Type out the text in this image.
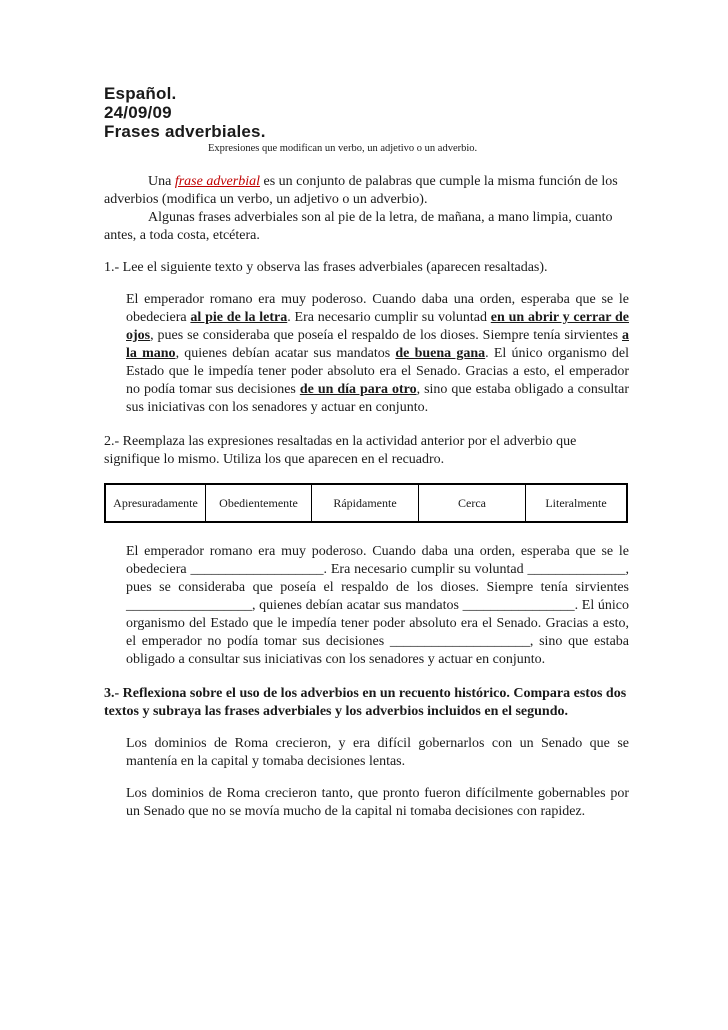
Español.
24/09/09
Frases adverbiales.
Expresiones que modifican un verbo, un adjetivo o un adverbio.

Una frase adverbial es un conjunto de palabras que cumple la misma función de los adverbios (modifica un verbo, un adjetivo o un adverbio).

Algunas frases adverbiales son al pie de la letra, de mañana, a mano limpia, cuanto antes, a toda costa, etcétera.

1.- Lee el siguiente texto y observa las frases adverbiales (aparecen resaltadas).

El emperador romano era muy poderoso. Cuando daba una orden, esperaba que se le obedeciera al pie de la letra. Era necesario cumplir su voluntad en un abrir y cerrar de ojos, pues se consideraba que poseía el respaldo de los dioses. Siempre tenía sirvientes a la mano, quienes debían acatar sus mandatos de buena gana. El único organismo del Estado que le impedía tener poder absoluto era el Senado. Gracias a esto, el emperador no podía tomar sus decisiones de un día para otro, sino que estaba obligado a consultar sus iniciativas con los senadores y actuar en conjunto.

2.- Reemplaza las expresiones resaltadas en la actividad anterior por el adverbio que signifique lo mismo. Utiliza los que aparecen en el recuadro.

Apresuradamente	Obedientemente	Rápidamente	Cerca	Literalmente

El emperador romano era muy poderoso. Cuando daba una orden, esperaba que se le obedeciera ___________________. Era necesario cumplir su voluntad ______________, pues se consideraba que poseía el respaldo de los dioses. Siempre tenía sirvientes __________________, quienes debían acatar sus mandatos ________________. El único organismo del Estado que le impedía tener poder absoluto era el Senado. Gracias a esto, el emperador no podía tomar sus decisiones ____________________, sino que estaba obligado a consultar sus iniciativas con los senadores y actuar en conjunto.

3.- Reflexiona sobre el uso de los adverbios en un recuento histórico. Compara estos dos textos y subraya las frases adverbiales y los adverbios incluidos en el segundo.

Los dominios de Roma crecieron, y era difícil gobernarlos con un Senado que se mantenía en la capital y tomaba decisiones lentas.

Los dominios de Roma crecieron tanto, que pronto fueron difícilmente gobernables por un Senado que no se movía mucho de la capital ni tomaba decisiones con rapidez.
